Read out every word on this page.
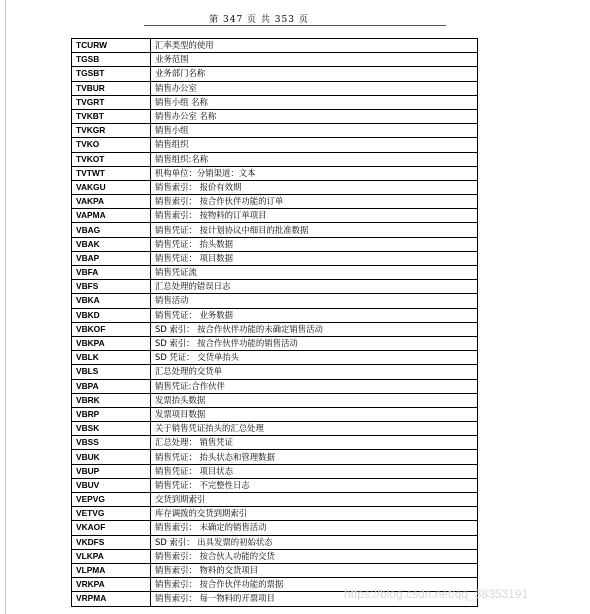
第 347 页 共 353 页
TCURW	汇率类型的使用
TGSB	业务范围
TGSBT	业务部门名称
TVBUR	销售办公室
TVGRT	销售小组 名称
TVKBT	销售办公室 名称
TVKGR	销售小组
TVKO	销售组织
TVKOT	销售组织:名称
TVTWT	机构单位：分销渠道：文本
VAKGU	销售索引： 报价有效期
VAKPA	销售索引： 按合作伙伴功能的订单
VAPMA	销售索引： 按物料的订单项目
VBAG	销售凭证： 按计划协议中细目的批准数据
VBAK	销售凭证： 抬头数据
VBAP	销售凭证： 项目数据
VBFA	销售凭证流
VBFS	汇总处理的错误日志
VBKA	销售活动
VBKD	销售凭证： 业务数据
VBKOF	SD 索引： 按合作伙伴功能的未确定销售活动
VBKPA	SD 索引： 按合作伙伴功能的销售活动
VBLK	SD 凭证： 交货单抬头
VBLS	汇总处理的交货单
VBPA	销售凭证:合作伙伴
VBRK	发票抬头数据
VBRP	发票项目数据
VBSK	关于销售凭证抬头的汇总处理
VBSS	汇总处理： 销售凭证
VBUK	销售凭证： 抬头状态和管理数据
VBUP	销售凭证： 项目状态
VBUV	销售凭证： 不完整性日志
VEPVG	交货到期索引
VETVG	库存调拨的交货到期索引
VKAOF	销售索引： 未确定的销售活动
VKDFS	SD 索引： 出具发票的初始状态
VLKPA	销售索引： 按合伙人功能的交货
VLPMA	销售索引： 物料的交货项目
VRKPA	销售索引： 按合作伙伴功能的票据
VRPMA	销售索引： 每一物料的开票项目	https://blog.csdn.net/qq_38353191
